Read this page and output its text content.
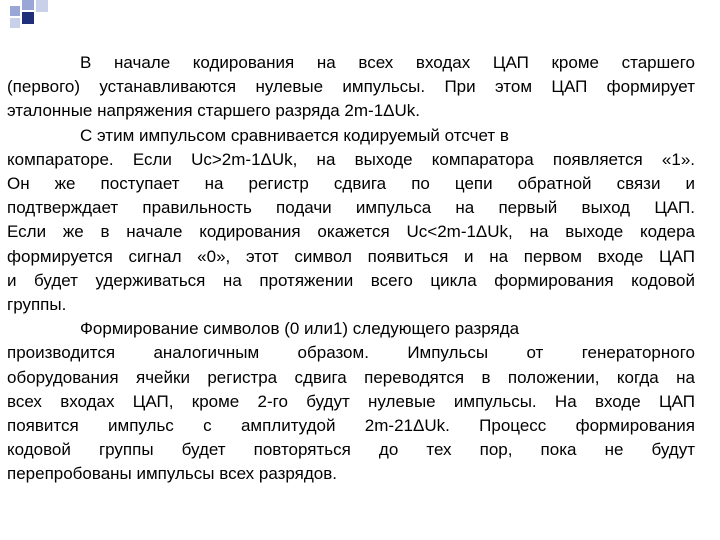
В начале кодирования на всех входах ЦАП кроме старшего
(первого) устанавливаются нулевые импульсы. При этом ЦАП формирует
эталонные напряжения старшего разряда 2m-1ΔUk.
С этим импульсом сравнивается кодируемый отсчет в
компараторе. Если Uc>2m-1ΔUk, на выходе компаратора появляется «1».
Он же поступает на регистр сдвига по цепи обратной связи и
подтверждает правильность подачи импульса на первый выход ЦАП.
Если же в начале кодирования окажется Uc<2m-1ΔUk, на выходе кодера
формируется сигнал «0», этот символ появиться и на первом входе ЦАП
и будет удерживаться на протяжении всего цикла формирования кодовой
группы.
Формирование символов (0 или1) следующего разряда
производится аналогичным образом. Импульсы от генераторного
оборудования ячейки регистра сдвига переводятся в положении, когда на
всех входах ЦАП, кроме 2-го будут нулевые импульсы. На входе ЦАП
появится импульс с амплитудой 2m-21ΔUk. Процесс формирования
кодовой группы будет повторяться до тех пор, пока не будут
перепробованы импульсы всех разрядов.
